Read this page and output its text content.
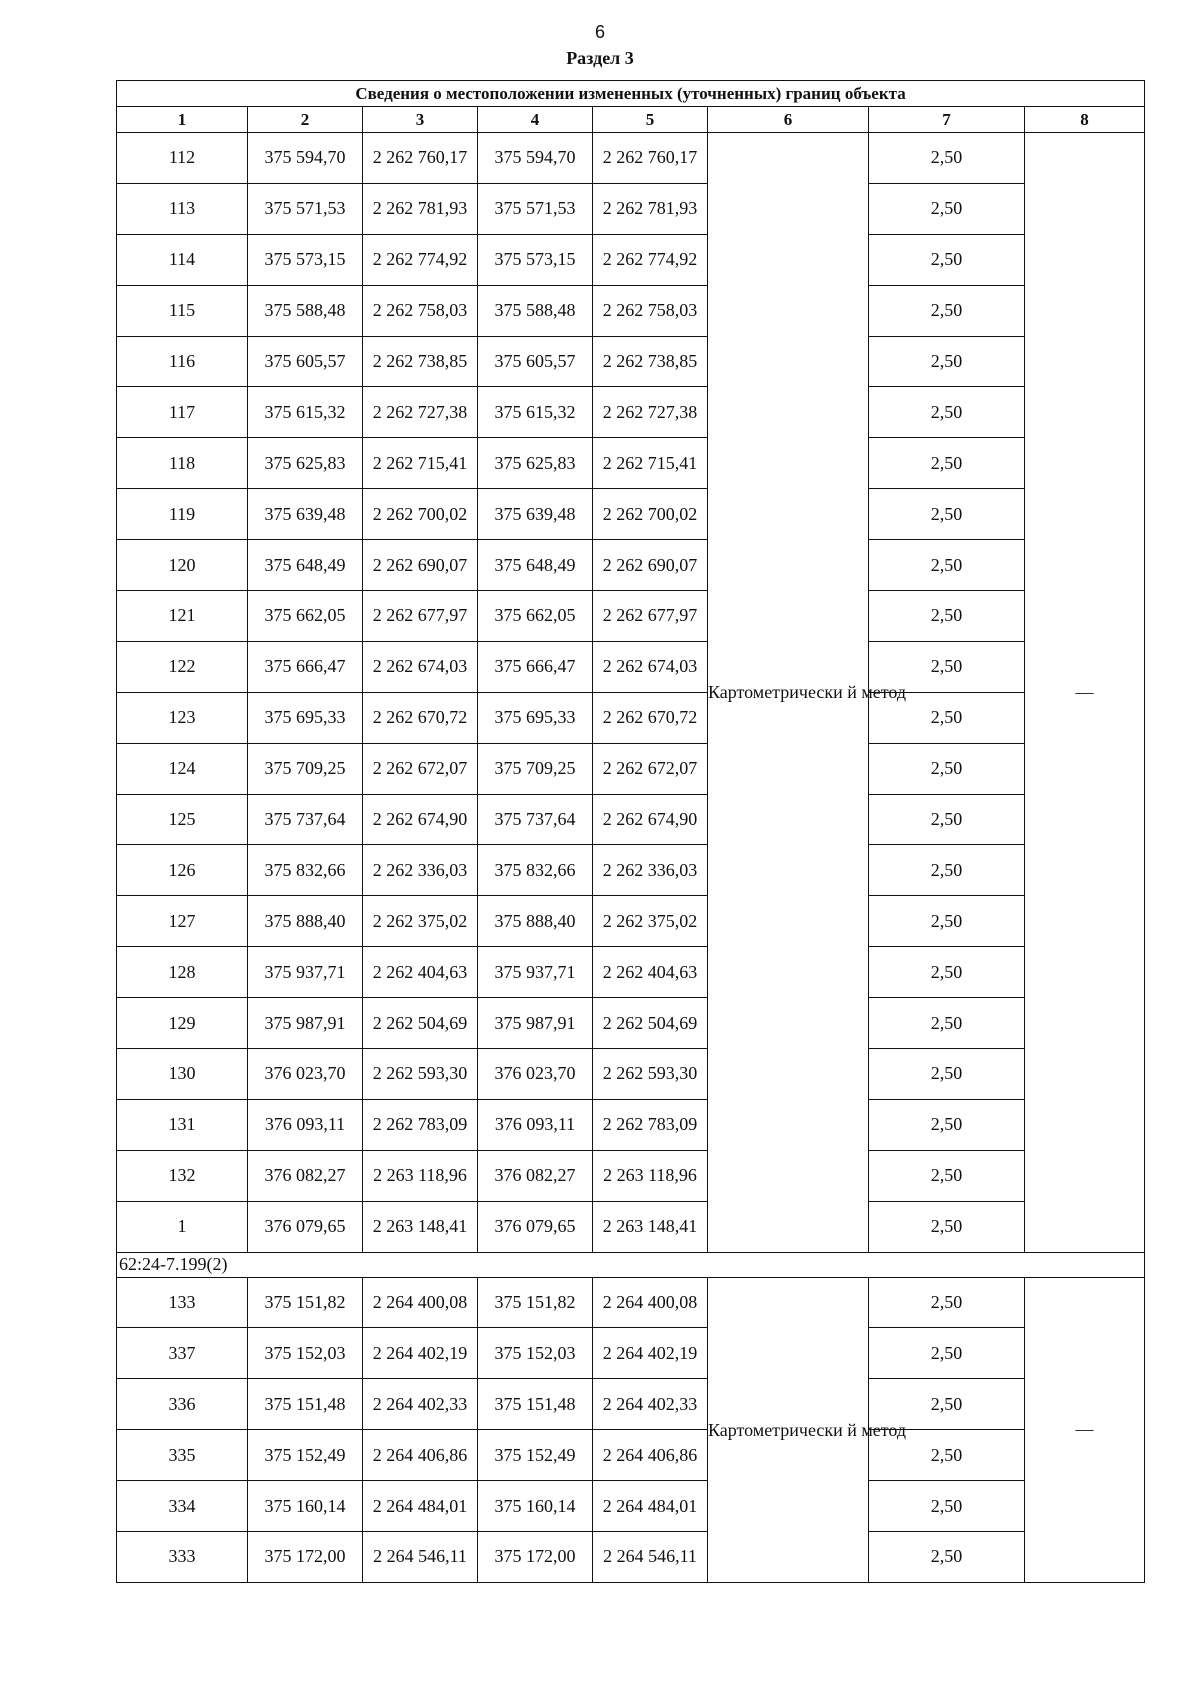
6
Раздел 3
Сведения о местоположении измененных (уточненных) границ объекта							
1	2	3	4	5	6	7	8
112	375 594,70	2 262 760,17	375 594,70	2 262 760,17	Картометрически й метод	2,50	—
113	375 571,53	2 262 781,93	375 571,53	2 262 781,93		2,50	
114	375 573,15	2 262 774,92	375 573,15	2 262 774,92		2,50	
115	375 588,48	2 262 758,03	375 588,48	2 262 758,03		2,50	
116	375 605,57	2 262 738,85	375 605,57	2 262 738,85		2,50	
117	375 615,32	2 262 727,38	375 615,32	2 262 727,38		2,50	
118	375 625,83	2 262 715,41	375 625,83	2 262 715,41		2,50	
119	375 639,48	2 262 700,02	375 639,48	2 262 700,02		2,50	
120	375 648,49	2 262 690,07	375 648,49	2 262 690,07		2,50	
121	375 662,05	2 262 677,97	375 662,05	2 262 677,97		2,50	
122	375 666,47	2 262 674,03	375 666,47	2 262 674,03		2,50	
123	375 695,33	2 262 670,72	375 695,33	2 262 670,72		2,50	
124	375 709,25	2 262 672,07	375 709,25	2 262 672,07		2,50	
125	375 737,64	2 262 674,90	375 737,64	2 262 674,90		2,50	
126	375 832,66	2 262 336,03	375 832,66	2 262 336,03		2,50	
127	375 888,40	2 262 375,02	375 888,40	2 262 375,02		2,50	
128	375 937,71	2 262 404,63	375 937,71	2 262 404,63		2,50	
129	375 987,91	2 262 504,69	375 987,91	2 262 504,69		2,50	
130	376 023,70	2 262 593,30	376 023,70	2 262 593,30		2,50	
131	376 093,11	2 262 783,09	376 093,11	2 262 783,09		2,50	
132	376 082,27	2 263 118,96	376 082,27	2 263 118,96		2,50	
1	376 079,65	2 263 148,41	376 079,65	2 263 148,41		2,50	
62:24-7.199(2)							
133	375 151,82	2 264 400,08	375 151,82	2 264 400,08	Картометрически й метод	2,50	—
337	375 152,03	2 264 402,19	375 152,03	2 264 402,19		2,50	
336	375 151,48	2 264 402,33	375 151,48	2 264 402,33		2,50	
335	375 152,49	2 264 406,86	375 152,49	2 264 406,86		2,50	
334	375 160,14	2 264 484,01	375 160,14	2 264 484,01		2,50	
333	375 172,00	2 264 546,11	375 172,00	2 264 546,11		2,50	
